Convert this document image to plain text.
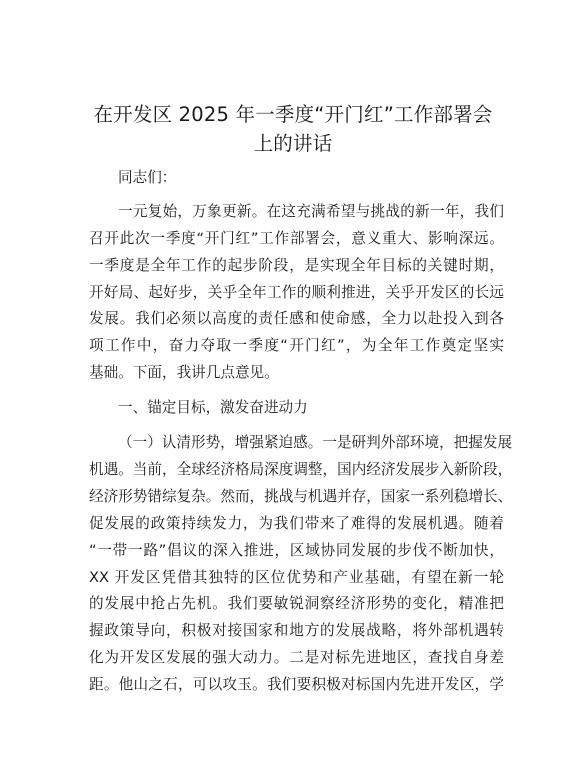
在开发区 2025 年一季度“开门红”工作部署会
上的讲话
同志们：
一元复始，万象更新。在这充满希望与挑战的新一年，我们
召开此次一季度“开门红”工作部署会，意义重大、影响深远。
一季度是全年工作的起步阶段，是实现全年目标的关键时期，
开好局、起好步，关乎全年工作的顺利推进，关乎开发区的长远
发展。我们必须以高度的责任感和使命感，全力以赴投入到各
项工作中，奋力夺取一季度“开门红”，为全年工作奠定坚实
基础。下面，我讲几点意见。
一、锚定目标，激发奋进动力
（一）认清形势，增强紧迫感。一是研判外部环境，把握发展
机遇。当前，全球经济格局深度调整，国内经济发展步入新阶段，
经济形势错综复杂。然而，挑战与机遇并存，国家一系列稳增长、
促发展的政策持续发力，为我们带来了难得的发展机遇。随着
“一带一路”倡议的深入推进，区域协同发展的步伐不断加快，
XX 开发区凭借其独特的区位优势和产业基础，有望在新一轮
的发展中抢占先机。我们要敏锐洞察经济形势的变化，精准把
握政策导向，积极对接国家和地方的发展战略，将外部机遇转
化为开发区发展的强大动力。二是对标先进地区，查找自身差
距。他山之石，可以攻玉。我们要积极对标国内先进开发区，学
